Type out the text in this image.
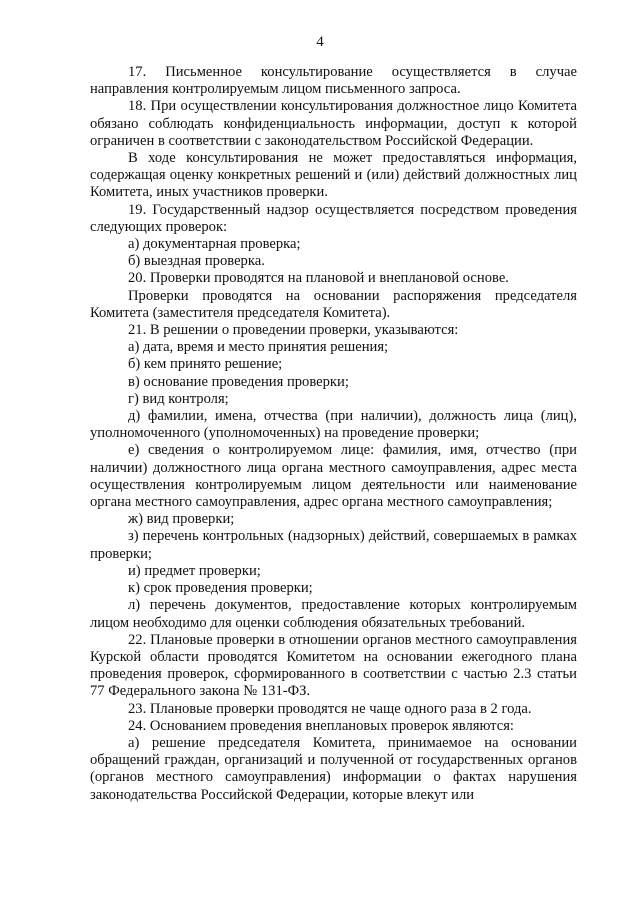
4

17. Письменное консультирование осуществляется в случае направления контролируемым лицом письменного запроса.

18. При осуществлении консультирования должностное лицо Комитета обязано соблюдать конфиденциальность информации, доступ к которой ограничен в соответствии с законодательством Российской Федерации.

В ходе консультирования не может предоставляться информация, содержащая оценку конкретных решений и (или) действий должностных лиц Комитета, иных участников проверки.

19. Государственный надзор осуществляется посредством проведения следующих проверок:

а) документарная проверка;

б) выездная проверка.

20. Проверки проводятся на плановой и внеплановой основе.

Проверки проводятся на основании распоряжения председателя Комитета (заместителя председателя Комитета).

21. В решении о проведении проверки, указываются:

а) дата, время и место принятия решения;

б) кем принято решение;

в) основание проведения проверки;

г) вид контроля;

д) фамилии, имена, отчества (при наличии), должность лица (лиц), уполномоченного (уполномоченных) на проведение проверки;

е) сведения о контролируемом лице: фамилия, имя, отчество (при наличии) должностного лица органа местного самоуправления, адрес места осуществления контролируемым лицом деятельности или наименование органа местного самоуправления, адрес органа местного самоуправления;

ж) вид проверки;

з) перечень контрольных (надзорных) действий, совершаемых в рамках проверки;

и) предмет проверки;

к) срок проведения проверки;

л) перечень документов, предоставление которых контролируемым лицом необходимо для оценки соблюдения обязательных требований.

22. Плановые проверки в отношении органов местного самоуправления Курской области проводятся Комитетом на основании ежегодного плана проведения проверок, сформированного в соответствии с частью 2.3 статьи 77 Федерального закона № 131-ФЗ.

23. Плановые проверки проводятся не чаще одного раза в 2 года.

24. Основанием проведения внеплановых проверок являются:

а) решение председателя Комитета, принимаемое на основании обращений граждан, организаций и полученной от государственных органов (органов местного самоуправления) информации о фактах нарушения законодательства Российской Федерации, которые влекут или
